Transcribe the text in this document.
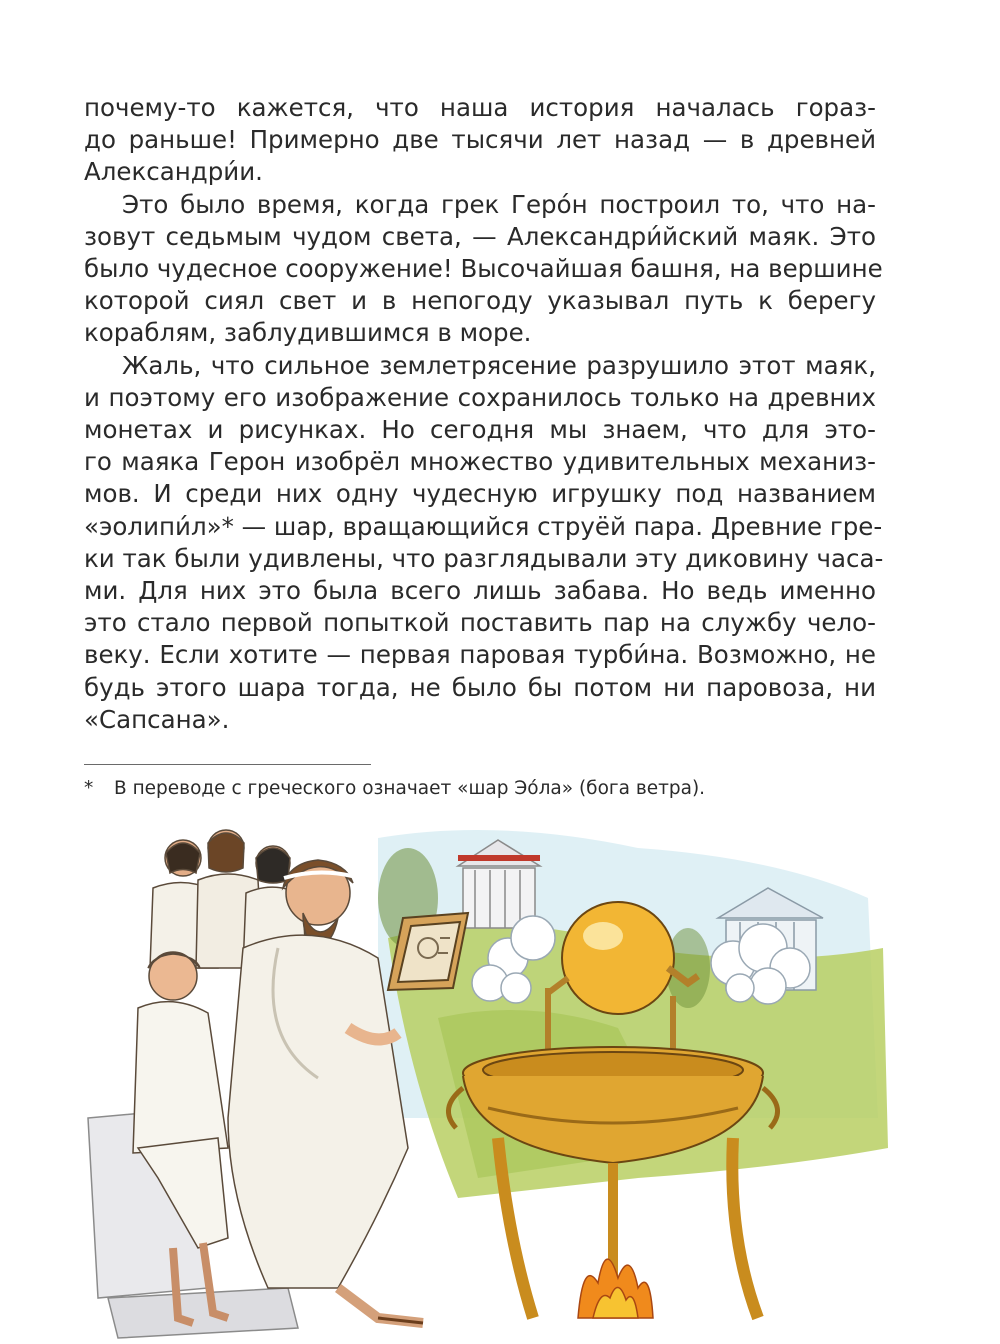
почему-то кажется, что наша история началась гораз-
до раньше! Примерно две тысячи лет назад — в древней
Александри́и.
Это было время, когда грек Геро́н построил то, что на-
зовут седьмым чудом света, — Александри́йский маяк. Это
было чудесное сооружение! Высочайшая башня, на вершине
которой сиял свет и в непогоду указывал путь к берегу
кораблям, заблудившимся в море.
Жаль, что сильное землетрясение разрушило этот маяк,
и поэтому его изображение сохранилось только на древних
монетах и рисунках. Но сегодня мы знаем, что для это-
го маяка Герон изобрёл множество удивительных механиз-
мов. И среди них одну чудесную игрушку под названием
«эолипи́л»* — шар, вращающийся струёй пара. Древние гре-
ки так были удивлены, что разглядывали эту диковину часа-
ми. Для них это была всего лишь забава. Но ведь именно
это стало первой попыткой поставить пар на службу чело-
веку. Если хотите — первая паровая турби́на. Возможно, не
будь этого шара тогда, не было бы потом ни паровоза, ни
«Сапсана».
* В переводе с греческого означает «шар Эо́ла» (бога ветра).
